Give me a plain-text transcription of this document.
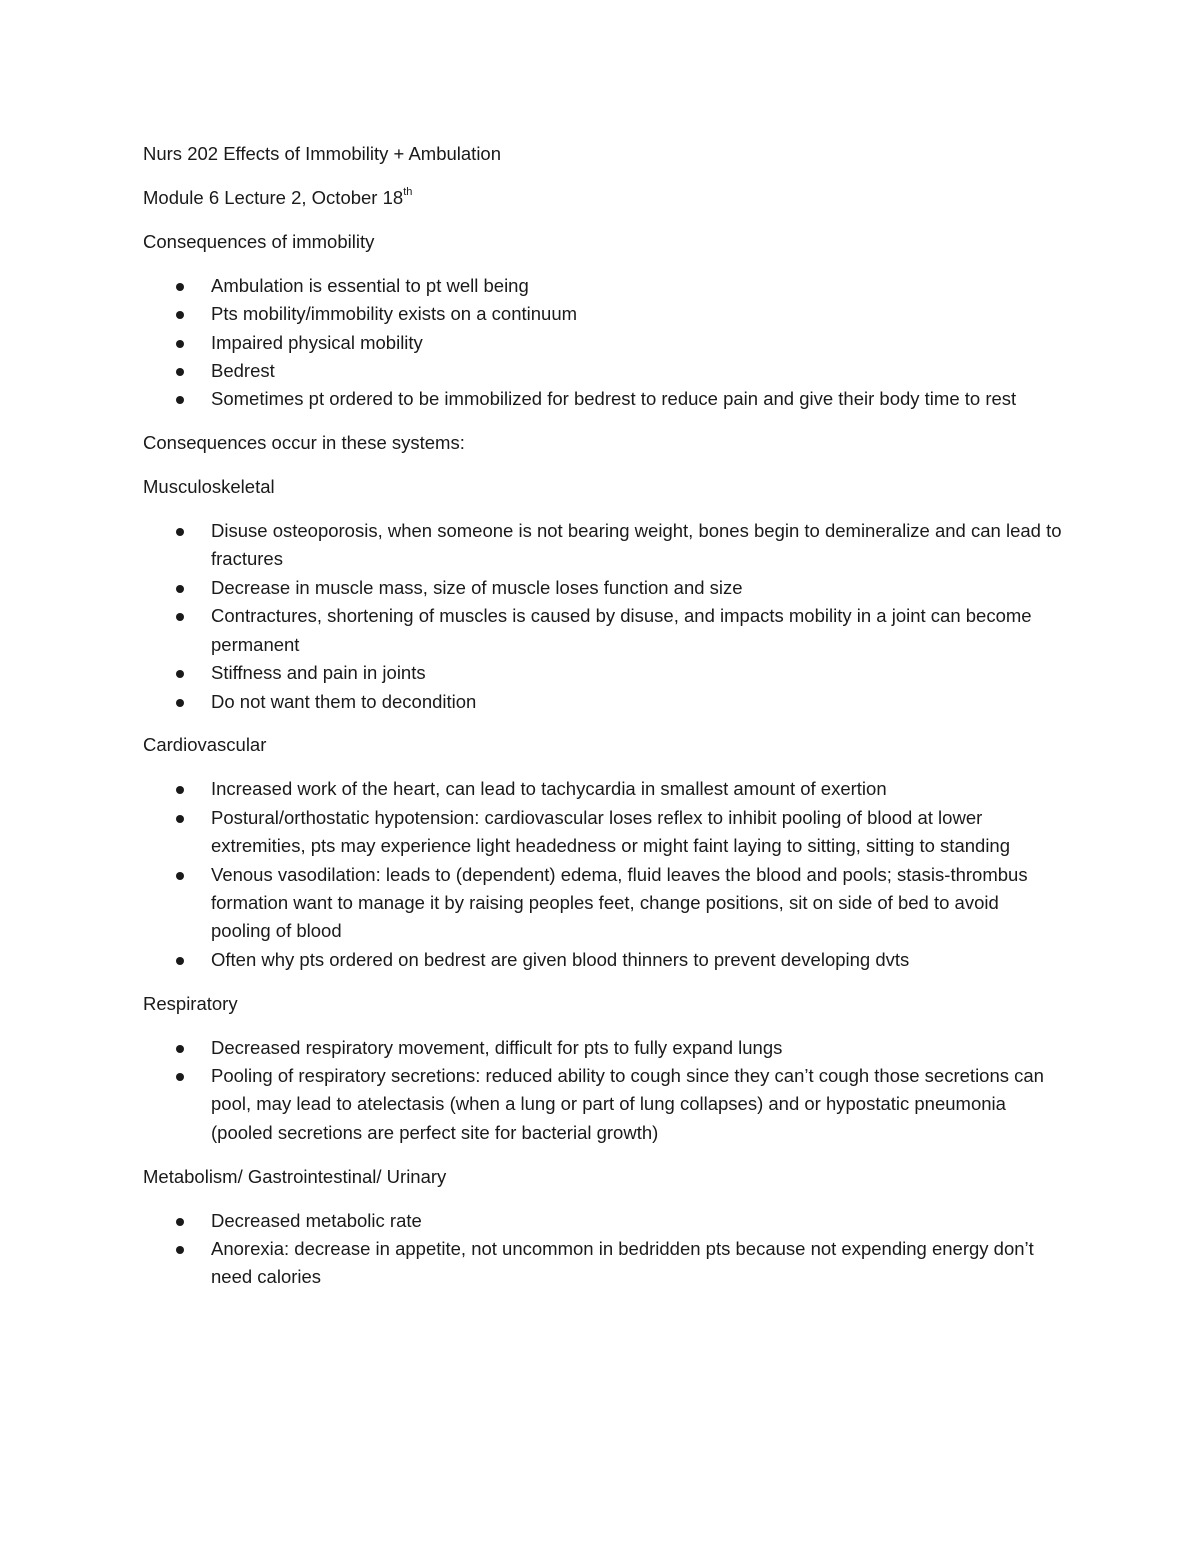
Nurs 202 Effects of Immobility + Ambulation

Module 6 Lecture 2, October 18th

Consequences of immobility

Ambulation is essential to pt well being
Pts mobility/immobility exists on a continuum
Impaired physical mobility
Bedrest
Sometimes pt ordered to be immobilized for bedrest to reduce pain and give their body time to rest

Consequences occur in these systems:

Musculoskeletal

Disuse osteoporosis, when someone is not bearing weight, bones begin to demineralize and can lead to fractures
Decrease in muscle mass, size of muscle loses function and size
Contractures, shortening of muscles is caused by disuse, and impacts mobility in a joint can become permanent
Stiffness and pain in joints
Do not want them to decondition

Cardiovascular

Increased work of the heart, can lead to tachycardia in smallest amount of exertion
Postural/orthostatic hypotension: cardiovascular loses reflex to inhibit pooling of blood at lower extremities, pts may experience light headedness or might faint laying to sitting, sitting to standing
Venous vasodilation: leads to (dependent) edema, fluid leaves the blood and pools; stasis-thrombus formation want to manage it by raising peoples feet, change positions, sit on side of bed to avoid pooling of blood
Often why pts ordered on bedrest are given blood thinners to prevent developing dvts

Respiratory

Decreased respiratory movement, difficult for pts to fully expand lungs
Pooling of respiratory secretions: reduced ability to cough since they can’t cough those secretions can pool, may lead to atelectasis (when a lung or part of lung collapses) and or hypostatic pneumonia (pooled secretions are perfect site for bacterial growth)

Metabolism/ Gastrointestinal/ Urinary

Decreased metabolic rate
Anorexia: decrease in appetite, not uncommon in bedridden pts because not expending energy don’t need calories
